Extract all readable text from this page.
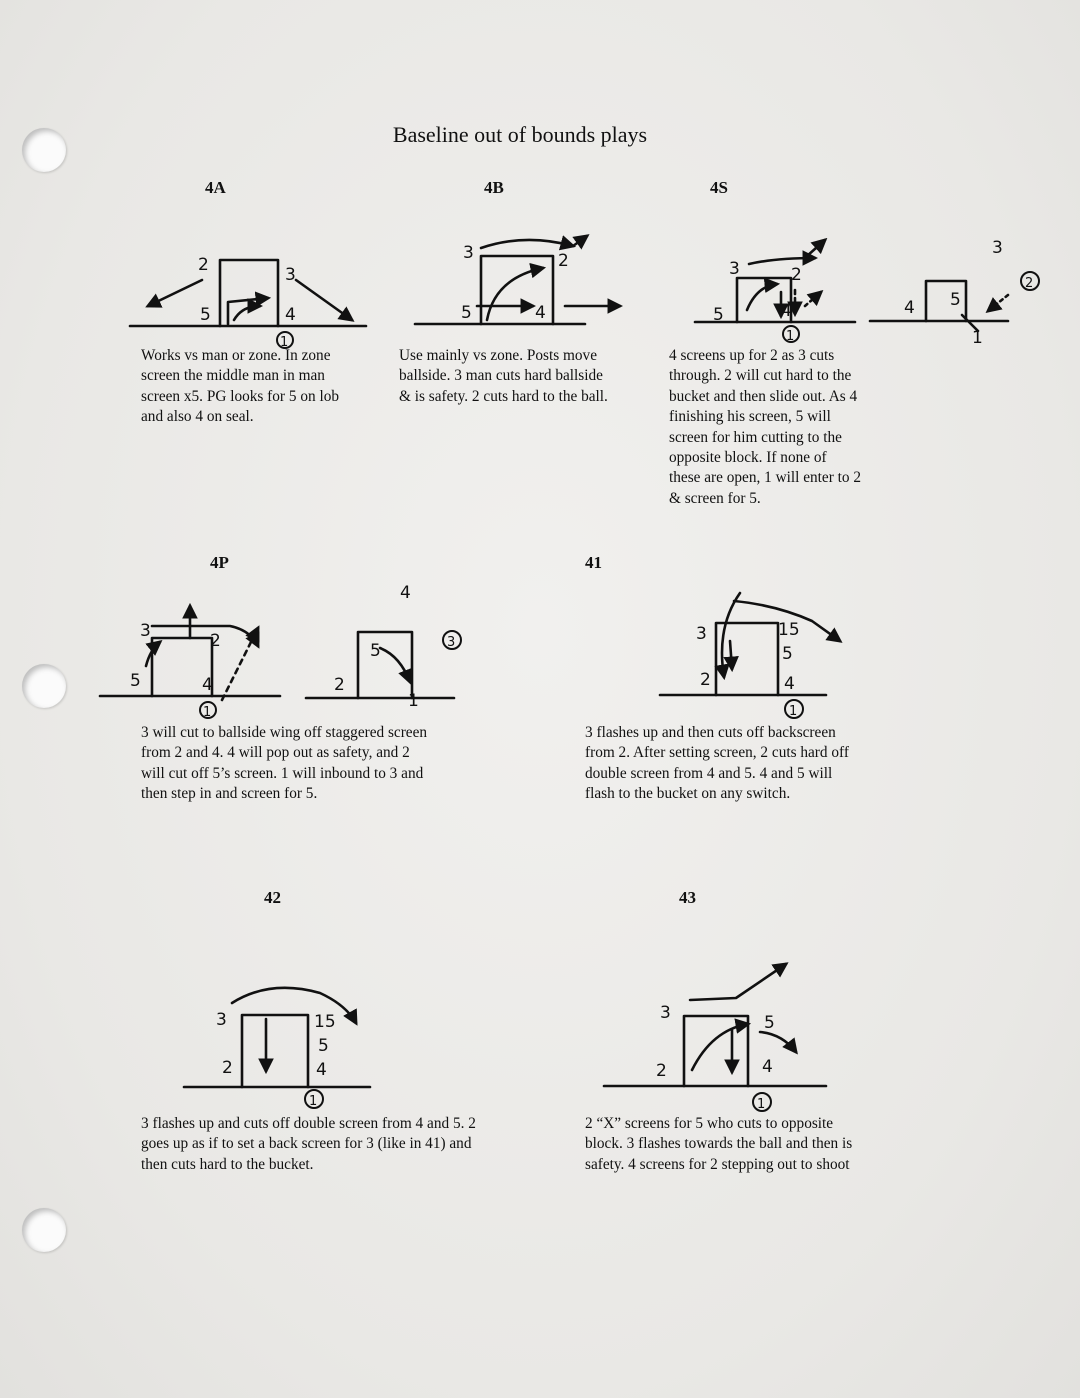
Baseline out of bounds plays
4A	4B	4S
4P	41
42	43
Works vs man or zone. In zone
screen the middle man in man
screen x5. PG looks for 5 on lob
and also 4 on seal.
Use mainly vs zone. Posts move
ballside. 3 man cuts hard ballside
& is safety. 2 cuts hard to the ball.
4 screens up for 2 as 3 cuts
through. 2 will cut hard to the
bucket and then slide out. As 4
finishing his screen, 5 will
screen for him cutting to the
opposite block. If none of
these are open, 1 will enter to 2
& screen for 5.
3 will cut to ballside wing off staggered screen
from 2 and 4. 4 will pop out as safety, and 2
will cut off 5’s screen. 1 will inbound to 3 and
then step in and screen for 5.
3 flashes up and then cuts off backscreen
from 2. After setting screen, 2 cuts hard off
double screen from 4 and 5. 4 and 5 will
flash to the bucket on any switch.
3 flashes up and cuts off double screen from 4 and 5. 2
goes up as if to set a back screen for 3 (like in 41) and
then cuts hard to the bucket.
2 “X” screens for 5 who cuts to opposite
block. 3 flashes towards the ball and then is
safety. 4 screens for 2 stepping out to shoot
2	3
5	4
1
3	2
5	4
3	2
5	4
1
3
2
4 5
1
3	2
5	4
1
4
3
2
5
1
3
2
15
5
4
1
3
2
15
5
4
1
3
2
5
4
1
